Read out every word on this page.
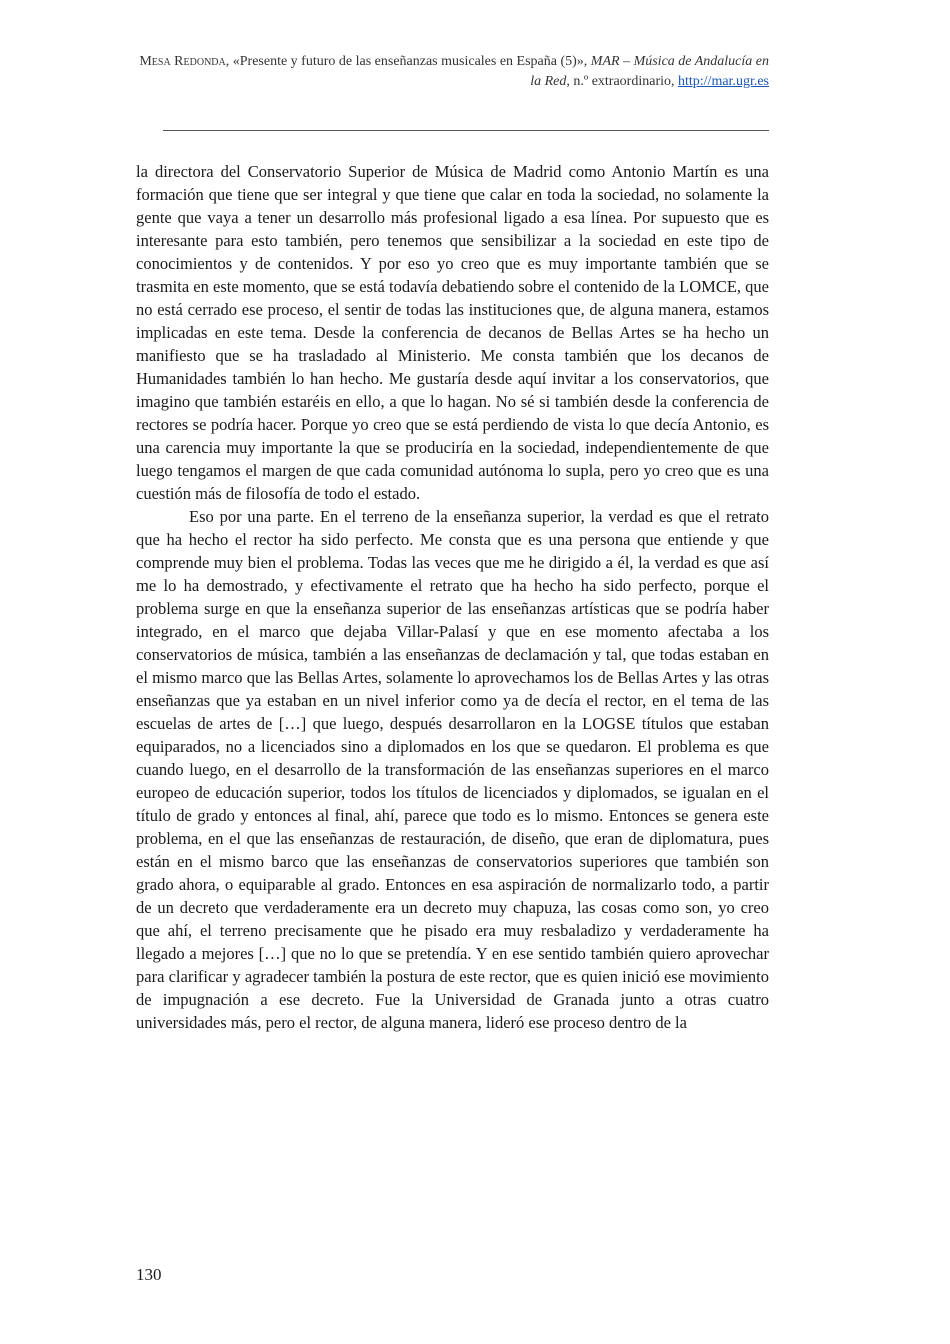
Mesa Redonda, «Presente y futuro de las enseñanzas musicales en España (5)», MAR – Música de Andalucía en la Red, n.º extraordinario, http://mar.ugr.es

la directora del Conservatorio Superior de Música de Madrid como Antonio Martín es una formación que tiene que ser integral y que tiene que calar en toda la sociedad, no solamente la gente que vaya a tener un desarrollo más profesional ligado a esa línea. Por supuesto que es interesante para esto también, pero tenemos que sensibilizar a la sociedad en este tipo de conocimientos y de contenidos. Y por eso yo creo que es muy importante también que se trasmita en este momento, que se está todavía debatiendo sobre el contenido de la LOMCE, que no está cerrado ese proceso, el sentir de todas las instituciones que, de alguna manera, estamos implicadas en este tema. Desde la conferencia de decanos de Bellas Artes se ha hecho un manifiesto que se ha trasladado al Ministerio. Me consta también que los decanos de Humanidades también lo han hecho. Me gustaría desde aquí invitar a los conservatorios, que imagino que también estaréis en ello, a que lo hagan. No sé si también desde la conferencia de rectores se podría hacer. Porque yo creo que se está perdiendo de vista lo que decía Antonio, es una carencia muy importante la que se produciría en la sociedad, independientemente de que luego tengamos el margen de que cada comunidad autónoma lo supla, pero yo creo que es una cuestión más de filosofía de todo el estado.

Eso por una parte. En el terreno de la enseñanza superior, la verdad es que el retrato que ha hecho el rector ha sido perfecto. Me consta que es una persona que entiende y que comprende muy bien el problema. Todas las veces que me he dirigido a él, la verdad es que así me lo ha demostrado, y efectivamente el retrato que ha hecho ha sido perfecto, porque el problema surge en que la enseñanza superior de las enseñanzas artísticas que se podría haber integrado, en el marco que dejaba Villar-Palasí y que en ese momento afectaba a los conservatorios de música, también a las enseñanzas de declamación y tal, que todas estaban en el mismo marco que las Bellas Artes, solamente lo aprovechamos los de Bellas Artes y las otras enseñanzas que ya estaban en un nivel inferior como ya de decía el rector, en el tema de las escuelas de artes de […] que luego, después desarrollaron en la LOGSE títulos que estaban equiparados, no a licenciados sino a diplomados en los que se quedaron. El problema es que cuando luego, en el desarrollo de la transformación de las enseñanzas superiores en el marco europeo de educación superior, todos los títulos de licenciados y diplomados, se igualan en el título de grado y entonces al final, ahí, parece que todo es lo mismo. Entonces se genera este problema, en el que las enseñanzas de restauración, de diseño, que eran de diplomatura, pues están en el mismo barco que las enseñanzas de conservatorios superiores que también son grado ahora, o equiparable al grado. Entonces en esa aspiración de normalizarlo todo, a partir de un decreto que verdaderamente era un decreto muy chapuza, las cosas como son, yo creo que ahí, el terreno precisamente que he pisado era muy resbaladizo y verdaderamente ha llegado a mejores […] que no lo que se pretendía. Y en ese sentido también quiero aprovechar para clarificar y agradecer también la postura de este rector, que es quien inició ese movimiento de impugnación a ese decreto. Fue la Universidad de Granada junto a otras cuatro universidades más, pero el rector, de alguna manera, lideró ese proceso dentro de la

130
